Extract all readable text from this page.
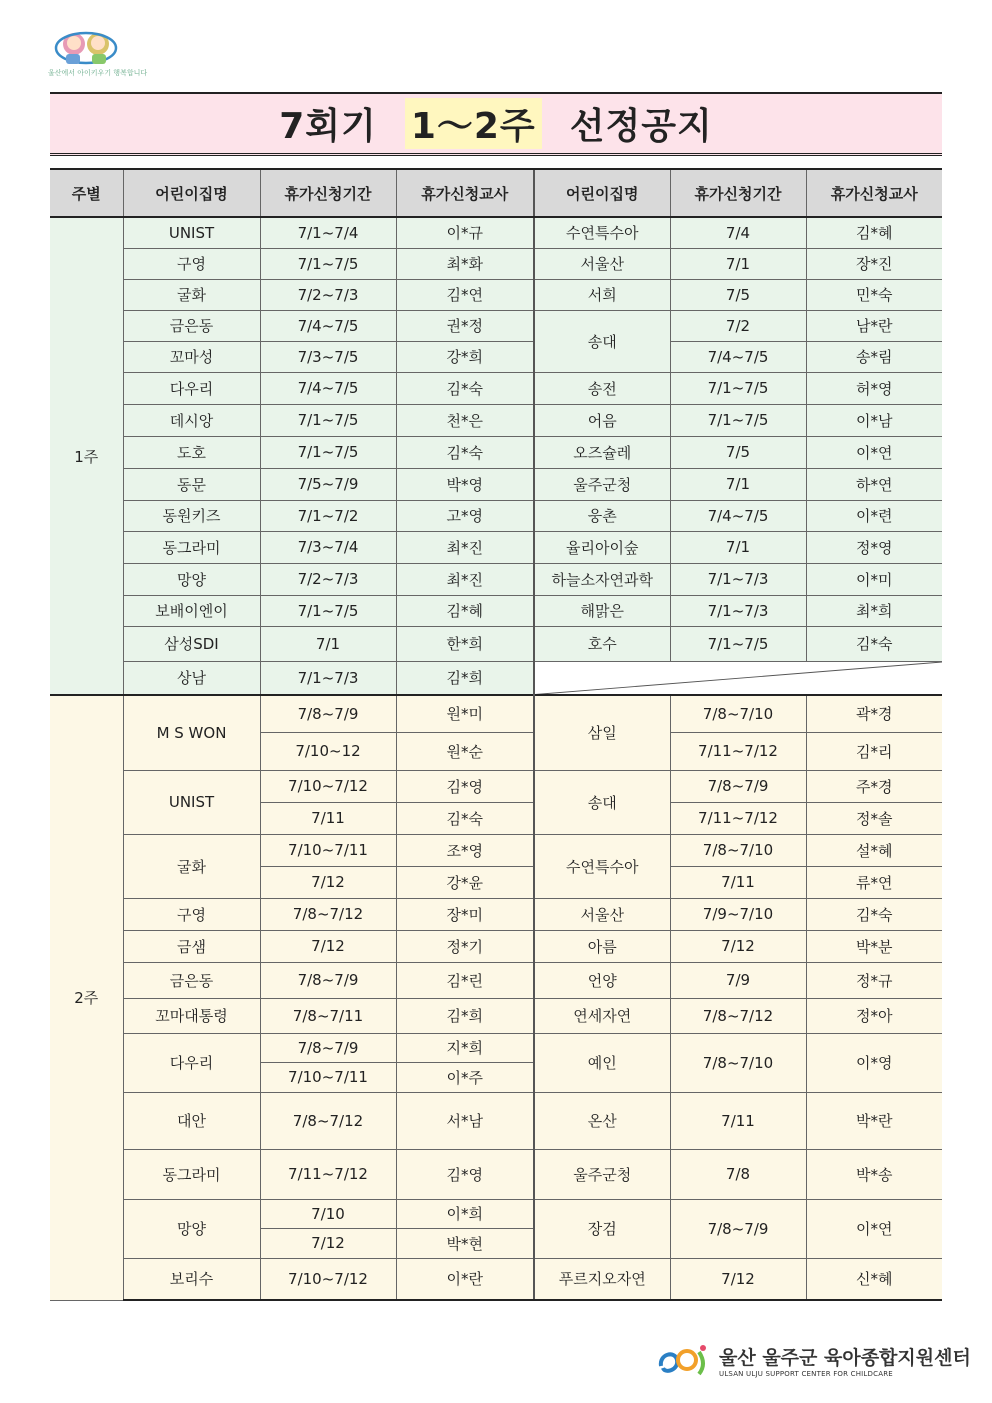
울산에서 아이키우기 행복합니다
7회기 1～2주 선정공지
주별	어린이집명	휴가신청기간	휴가신청교사	어린이집명	휴가신청기간	휴가신청교사
1주	UNIST	7/1~7/4	이*규	수연특수아	7/4	김*혜
	구영	7/1~7/5	최*화	서울산	7/1	장*진
	굴화	7/2~7/3	김*연	서희	7/5	민*숙
	금은동	7/4~7/5	권*정	송대	7/2	남*란
	꼬마성	7/3~7/5	강*희		7/4~7/5	송*림
	다우리	7/4~7/5	김*숙	송전	7/1~7/5	허*영
	데시앙	7/1~7/5	천*은	어음	7/1~7/5	이*남
	도호	7/1~7/5	김*숙	오즈슐레	7/5	이*연
	동문	7/5~7/9	박*영	울주군청	7/1	하*연
	동원키즈	7/1~7/2	고*영	웅촌	7/4~7/5	이*련
	동그라미	7/3~7/4	최*진	율리아이숲	7/1	정*영
	망양	7/2~7/3	최*진	하늘소자연과학	7/1~7/3	이*미
	보배이엔이	7/1~7/5	김*혜	해맑은	7/1~7/3	최*희
	삼성SDI	7/1	한*희	호수	7/1~7/5	김*숙
	상남	7/1~7/3	김*희	

2주	M S WON	7/8~7/9	원*미	삼일	7/8~7/10	곽*경
		7/10~12	원*순		7/11~7/12	김*리
	UNIST	7/10~7/12	김*영	송대	7/8~7/9	주*경
		7/11	김*숙		7/11~7/12	정*솔
	굴화	7/10~7/11	조*영	수연특수아	7/8~7/10	설*혜
		7/12	강*윤		7/11	류*연
	구영	7/8~7/12	장*미	서울산	7/9~7/10	김*숙
	금샘	7/12	정*기	아름	7/12	박*분
	금은동	7/8~7/9	김*린	언양	7/9	정*규
	꼬마대통령	7/8~7/11	김*희	연세자연	7/8~7/12	정*아
	다우리	7/8~7/9	지*희	예인	7/8~7/10	이*영
		7/10~7/11	이*주			
	대안	7/8~7/12	서*남	온산	7/11	박*란
	동그라미	7/11~7/12	김*영	울주군청	7/8	박*송
	망양	7/10	이*희	장검	7/8~7/9	이*연
		7/12	박*현			
	보리수	7/10~7/12	이*란	푸르지오자연	7/12	신*혜
울산 울주군 육아종합지원센터
ULSAN ULJU SUPPORT CENTER FOR CHILDCARE
